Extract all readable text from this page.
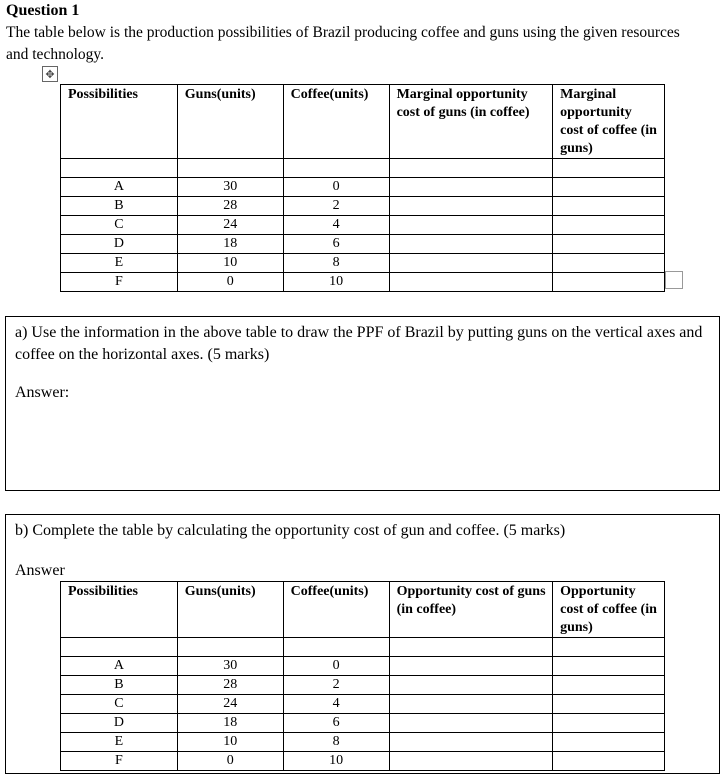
Question 1
The table below is the production possibilities of Brazil producing coffee and guns using the given resources and technology.
✥
Possibilities	Guns(units)	Coffee(units)	Marginal opportunity cost of guns (in coffee)	Marginal opportunity cost of coffee (in guns)

A	30	0		
B	28	2		
C	24	4		
D	18	6		
E	10	8		
F	0	10		
a) Use the information in the above table to draw the PPF of Brazil by putting guns on the vertical axes and coffee on the horizontal axes. (5 marks)
Answer:
b) Complete the table by calculating the opportunity cost of gun and coffee. (5 marks)
Answer
Possibilities	Guns(units)	Coffee(units)	Opportunity cost of guns (in coffee)	Opportunity cost of coffee (in guns)

A	30	0		
B	28	2		
C	24	4		
D	18	6		
E	10	8		
F	0	10		
